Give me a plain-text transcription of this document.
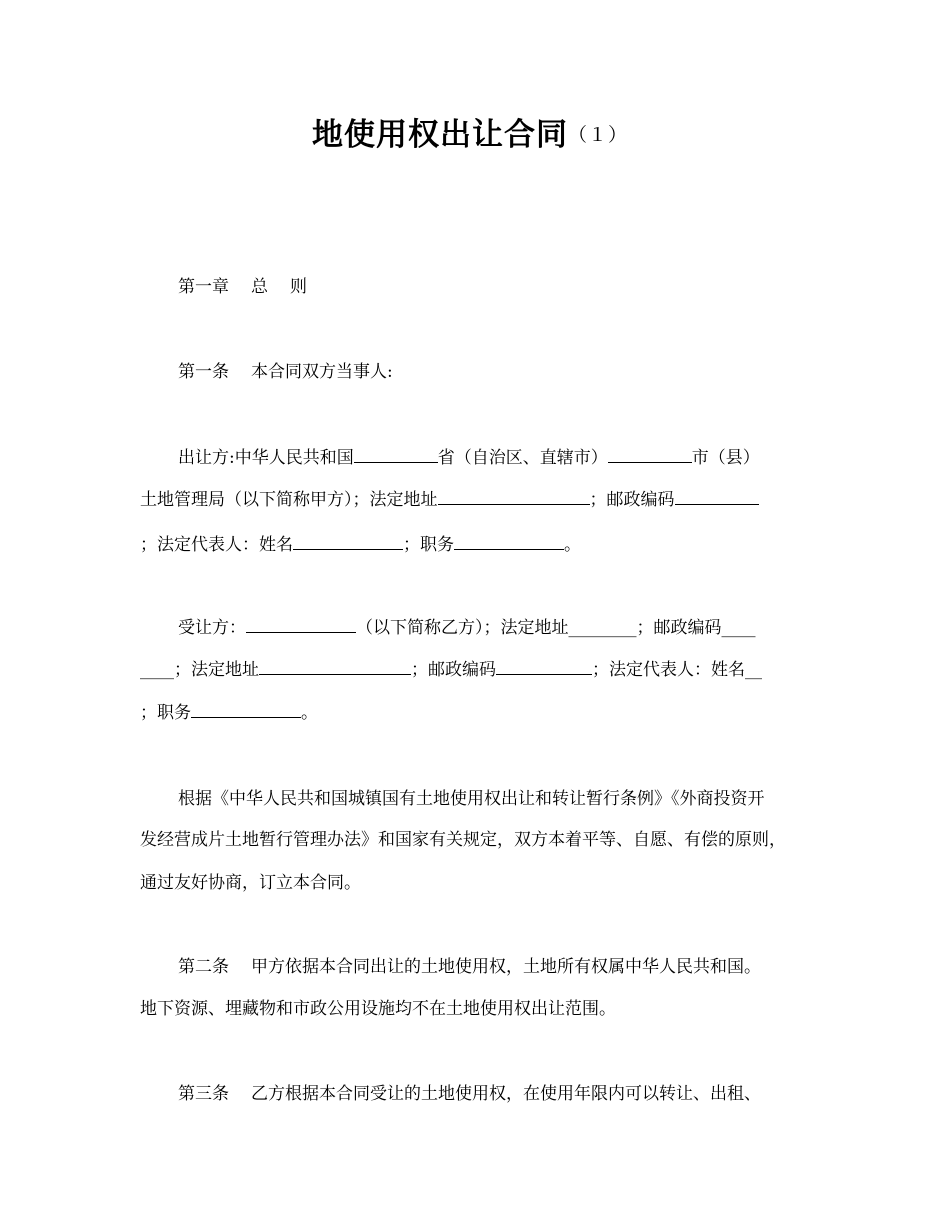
地使用权出让合同（１）
第一章 总 则
第一条 本合同双方当事人:
出让方:中华人民共和国	省（自治区、直辖市）	市（县）
土地管理局（以下简称甲方）；法定地址	；邮政编码
；法定代表人：姓名	；职务	。
受让方：	（以下简称乙方）；法定地址________；邮政编码____
____；法定地址	；邮政编码	；法定代表人：姓名__
；职务	。
根据《中华人民共和国城镇国有土地使用权出让和转让暂行条例》《外商投资开
发经营成片土地暂行管理办法》和国家有关规定，双方本着平等、自愿、有偿的原则，
通过友好协商，订立本合同。
第二条 甲方依据本合同出让的土地使用权，土地所有权属中华人民共和国。
地下资源、埋藏物和市政公用设施均不在土地使用权出让范围。
第三条 乙方根据本合同受让的土地使用权，在使用年限内可以转让、出租、
